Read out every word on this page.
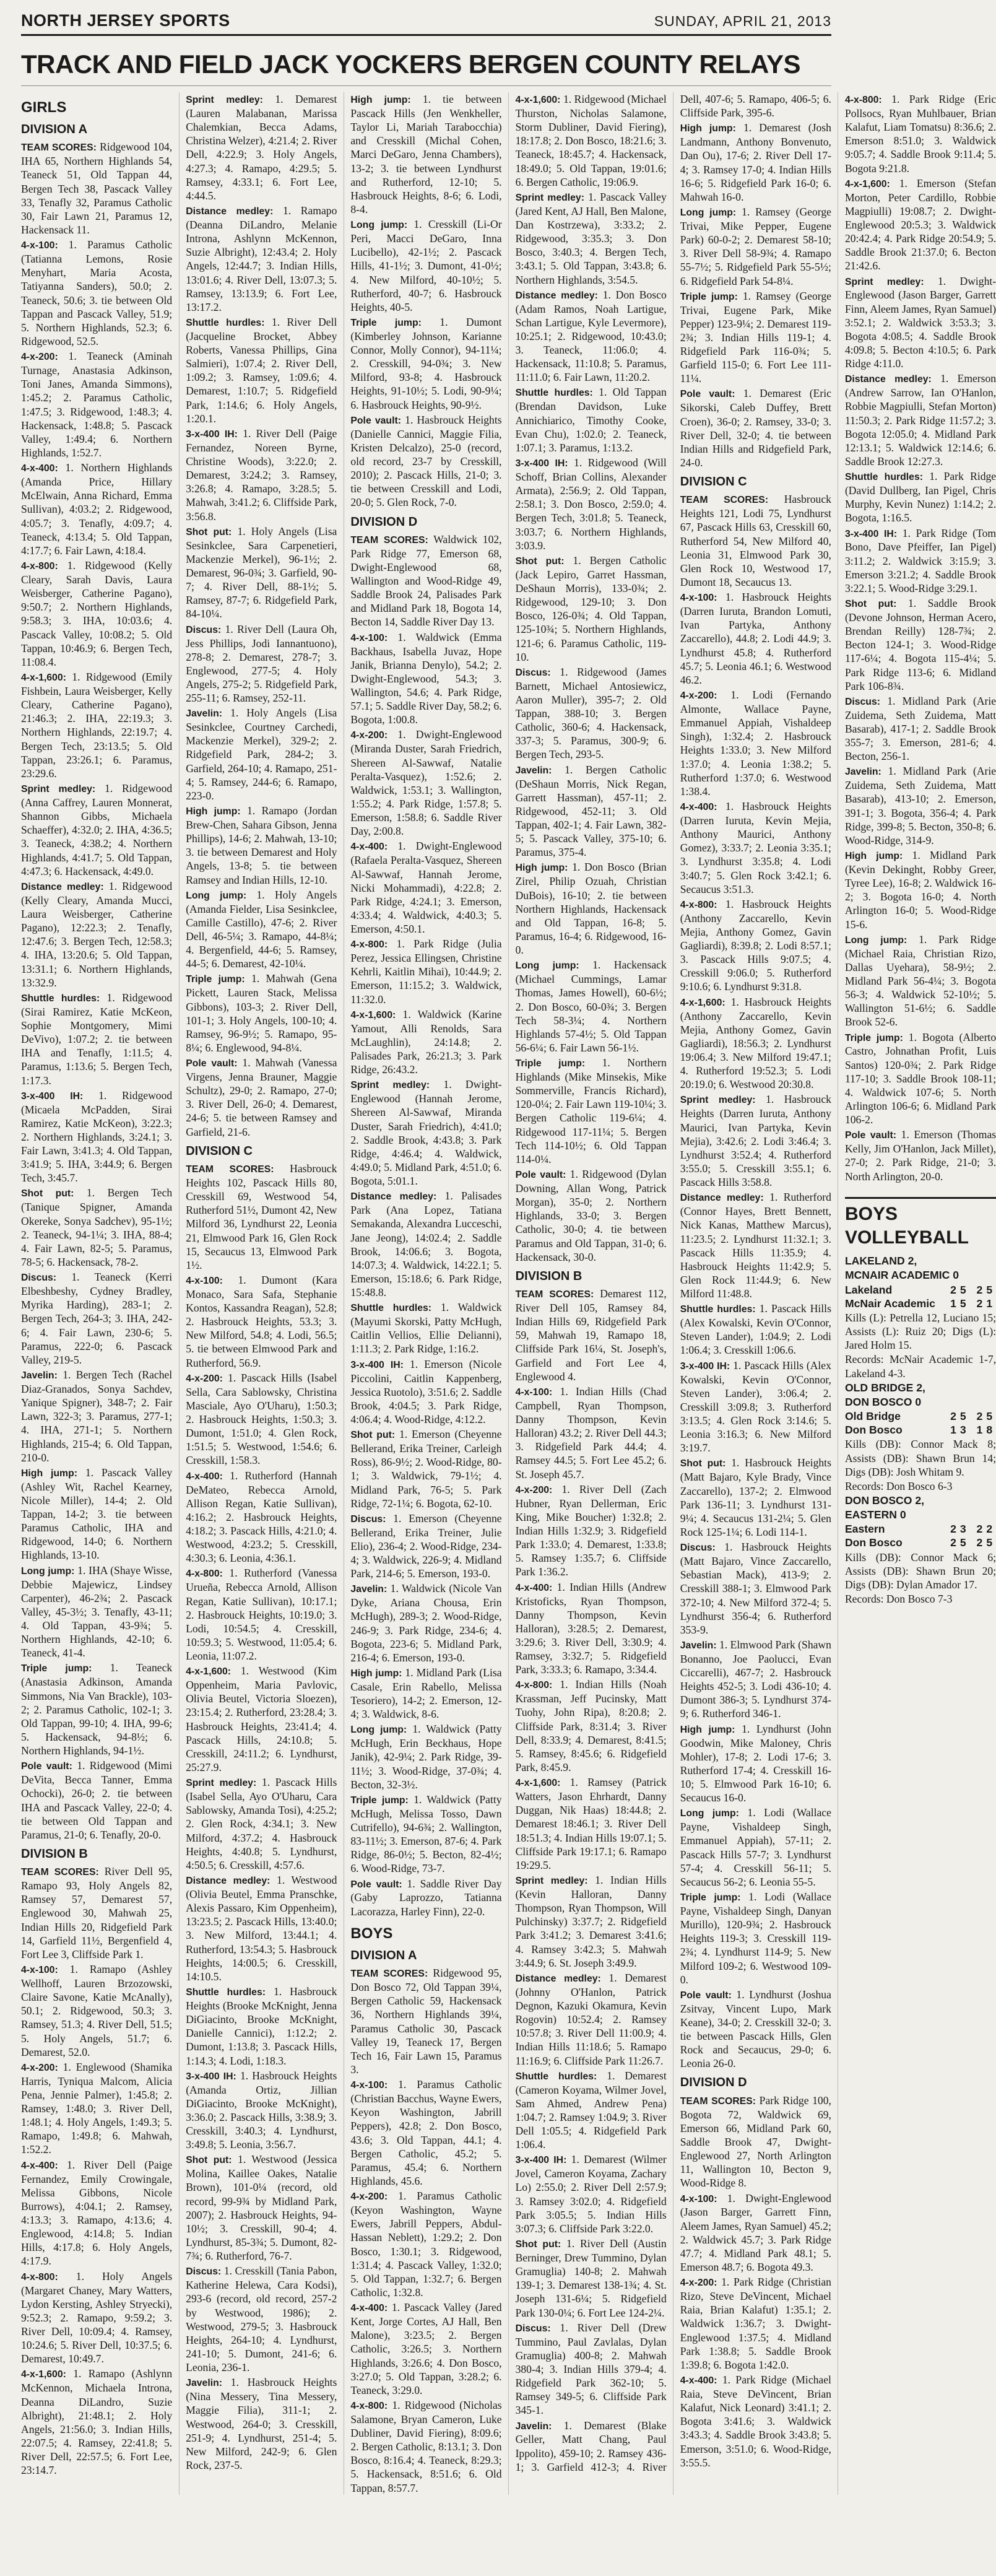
NORTH JERSEY SPORTS	SUNDAY, APRIL 21, 2013
TRACK AND FIELD JACK YOCKERS BERGEN COUNTY RELAYS
GIRLS
DIVISION A

TEAM SCORES: Ridgewood 104, IHA 65, Northern Highlands 54, Teaneck 51, Old Tappan 44, Bergen Tech 38, Pascack Valley 33, Tenafly 32, Paramus Catholic 30, Fair Lawn 21, Paramus 12, Hackensack 11.

4-x-100: 1. Paramus Catholic (Tatianna Lemons, Rosie Menyhart, Maria Acosta, Tatiyanna Sanders), 50.0; 2. Teaneck, 50.6; 3. tie between Old Tappan and Pascack Valley, 51.9; 5. Northern Highlands, 52.3; 6. Ridgewood, 52.5.

4-x-200: 1. Teaneck (Aminah Turnage, Anastasia Adkinson, Toni Janes, Amanda Simmons), 1:45.2; 2. Paramus Catholic, 1:47.5; 3. Ridgewood, 1:48.3; 4. Hackensack, 1:48.8; 5. Pascack Valley, 1:49.4; 6. Northern Highlands, 1:52.7.

4-x-400: 1. Northern Highlands (Amanda Price, Hillary McElwain, Anna Richard, Emma Sullivan), 4:03.2; 2. Ridgewood, 4:05.7; 3. Tenafly, 4:09.7; 4. Teaneck, 4:13.4; 5. Old Tappan, 4:17.7; 6. Fair Lawn, 4:18.4.

4-x-800: 1. Ridgewood (Kelly Cleary, Sarah Davis, Laura Weisberger, Catherine Pagano), 9:50.7; 2. Northern Highlands, 9:58.3; 3. IHA, 10:03.6; 4. Pascack Valley, 10:08.2; 5. Old Tappan, 10:46.9; 6. Bergen Tech, 11:08.4.

4-x-1,600: 1. Ridgewood (Emily Fishbein, Laura Weisberger, Kelly Cleary, Catherine Pagano), 21:46.3; 2. IHA, 22:19.3; 3. Northern Highlands, 22:19.7; 4. Bergen Tech, 23:13.5; 5. Old Tappan, 23:26.1; 6. Paramus, 23:29.6.

Sprint medley: 1. Ridgewood (Anna Caffrey, Lauren Monnerat, Shannon Gibbs, Michaela Schaeffer), 4:32.0; 2. IHA, 4:36.5; 3. Teaneck, 4:38.2; 4. Northern Highlands, 4:41.7; 5. Old Tappan, 4:47.3; 6. Hackensack, 4:49.0.

Distance medley: 1. Ridgewood (Kelly Cleary, Amanda Mucci, Laura Weisberger, Catherine Pagano), 12:22.3; 2. Tenafly, 12:47.6; 3. Bergen Tech, 12:58.3; 4. IHA, 13:20.6; 5. Old Tappan, 13:31.1; 6. Northern Highlands, 13:32.9.

Shuttle hurdles: 1. Ridgewood (Sirai Ramirez, Katie McKeon, Sophie Montgomery, Mimi DeVivo), 1:07.2; 2. tie between IHA and Tenafly, 1:11.5; 4. Paramus, 1:13.6; 5. Bergen Tech, 1:17.3.

3-x-400 IH: 1. Ridgewood (Micaela McPadden, Sirai Ramirez, Katie McKeon), 3:22.3; 2. Northern Highlands, 3:24.1; 3. Fair Lawn, 3:41.3; 4. Old Tappan, 3:41.9; 5. IHA, 3:44.9; 6. Bergen Tech, 3:45.7.

Shot put: 1. Bergen Tech (Tanique Spigner, Amanda Okereke, Sonya Sadchev), 95-1½; 2. Teaneck, 94-1¼; 3. IHA, 88-4; 4. Fair Lawn, 82-5; 5. Paramus, 78-5; 6. Hackensack, 78-2.

Discus: 1. Teaneck (Kerri Elbeshbeshy, Cydney Bradley, Myrika Harding), 283-1; 2. Bergen Tech, 264-3; 3. IHA, 242-6; 4. Fair Lawn, 230-6; 5. Paramus, 222-0; 6. Pascack Valley, 219-5.

Javelin: 1. Bergen Tech (Rachel Diaz-Granados, Sonya Sachdev, Yanique Spigner), 348-7; 2. Fair Lawn, 322-3; 3. Paramus, 277-1; 4. IHA, 271-1; 5. Northern Highlands, 215-4; 6. Old Tappan, 210-0.

High jump: 1. Pascack Valley (Ashley Wit, Rachel Kearney, Nicole Miller), 14-4; 2. Old Tappan, 14-2; 3. tie between Paramus Catholic, IHA and Ridgewood, 14-0; 6. Northern Highlands, 13-10.

Long jump: 1. IHA (Shaye Wisse, Debbie Majewicz, Lindsey Carpenter), 46-2¾; 2. Pascack Valley, 45-3½; 3. Tenafly, 43-11; 4. Old Tappan, 43-9¾; 5. Northern Highlands, 42-10; 6. Teaneck, 41-4.

Triple jump: 1. Teaneck (Anastasia Adkinson, Amanda Simmons, Nia Van Brackle), 103-2; 2. Paramus Catholic, 102-1; 3. Old Tappan, 99-10; 4. IHA, 99-6; 5. Hackensack, 94-8½; 6. Northern Highlands, 94-1½.

Pole vault: 1. Ridgewood (Mimi DeVita, Becca Tanner, Emma Ochocki), 26-0; 2. tie between IHA and Pascack Valley, 22-0; 4. tie between Old Tappan and Paramus, 21-0; 6. Tenafly, 20-0.

DIVISION B

TEAM SCORES: River Dell 95, Ramapo 93, Holy Angels 82, Ramsey 57, Demarest 57, Englewood 30, Mahwah 25, Indian Hills 20, Ridgefield Park 14, Garfield 11½, Bergenfield 4, Fort Lee 3, Cliffside Park 1.

4-x-100: 1. Ramapo (Ashley Wellhoff, Lauren Brzozowski, Claire Savone, Katie McAnally), 50.1; 2. Ridgewood, 50.3; 3. Ramsey, 51.3; 4. River Dell, 51.5; 5. Holy Angels, 51.7; 6. Demarest, 52.0.

4-x-200: 1. Englewood (Shamika Harris, Tyniqua Malcom, Alicia Pena, Jennie Palmer), 1:45.8; 2. Ramsey, 1:48.0; 3. River Dell, 1:48.1; 4. Holy Angels, 1:49.3; 5. Ramapo, 1:49.8; 6. Mahwah, 1:52.2.

4-x-400: 1. River Dell (Paige Fernandez, Emily Crowingale, Melissa Gibbons, Nicole Burrows), 4:04.1; 2. Ramsey, 4:13.3; 3. Ramapo, 4:13.6; 4. Englewood, 4:14.8; 5. Indian Hills, 4:17.8; 6. Holy Angels, 4:17.9.

4-x-800: 1. Holy Angels (Margaret Chaney, Mary Watters, Lydon Kersting, Ashley Stryecki), 9:52.3; 2. Ramapo, 9:59.2; 3. River Dell, 10:09.4; 4. Ramsey, 10:24.6; 5. River Dell, 10:37.5; 6. Demarest, 10:49.7.

4-x-1,600: 1. Ramapo (Ashlynn McKennon, Michaela Introna, Deanna DiLandro, Suzie Albright), 21:48.1; 2. Holy Angels, 21:56.0; 3. Indian Hills, 22:07.5; 4. Ramsey, 22:41.8; 5. River Dell, 22:57.5; 6. Fort Lee, 23:14.7.

Sprint medley: 1. Demarest (Lauren Malabanan, Marissa Chalemkian, Becca Adams, Christina Welzer), 4:21.4; 2. River Dell, 4:22.9; 3. Holy Angels, 4:27.3; 4. Ramapo, 4:29.5; 5. Ramsey, 4:33.1; 6. Fort Lee, 4:44.5.

Distance medley: 1. Ramapo (Deanna DiLandro, Melanie Introna, Ashlynn McKennon, Suzie Albright), 12:43.4; 2. Holy Angels, 12:44.7; 3. Indian Hills, 13:01.6; 4. River Dell, 13:07.3; 5. Ramsey, 13:13.9; 6. Fort Lee, 13:17.2.

Shuttle hurdles: 1. River Dell (Jacqueline Brocket, Abbey Roberts, Vanessa Phillips, Gina Salmieri), 1:07.4; 2. River Dell, 1:09.2; 3. Ramsey, 1:09.6; 4. Demarest, 1:10.7; 5. Ridgefield Park, 1:14.6; 6. Holy Angels, 1:20.1.

3-x-400 IH: 1. River Dell (Paige Fernandez, Noreen Byrne, Christine Woods), 3:22.0; 2. Demarest, 3:24.2; 3. Ramsey, 3:26.8; 4. Ramapo, 3:28.5; 5. Mahwah, 3:41.2; 6. Cliffside Park, 3:56.8.

Shot put: 1. Holy Angels (Lisa Sesinkclee, Sara Carpenetieri, Mackenzie Merkel), 96-1½; 2. Demarest, 96-0¾; 3. Garfield, 90-7; 4. River Dell, 88-1½; 5. Ramsey, 87-7; 6. Ridgefield Park, 84-10¼.

Discus: 1. River Dell (Laura Oh, Jess Phillips, Jodi Iannantuono), 278-8; 2. Demarest, 278-7; 3. Englewood, 277-5; 4. Holy Angels, 275-2; 5. Ridgefield Park, 255-11; 6. Ramsey, 252-11.

Javelin: 1. Holy Angels (Lisa Sesinkclee, Courtney Carchedi, Mackenzie Merkel), 329-2; 2. Ridgefield Park, 284-2; 3. Garfield, 264-10; 4. Ramapo, 251-4; 5. Ramsey, 244-6; 6. Ramapo, 223-0.

High jump: 1. Ramapo (Jordan Brew-Chen, Sahara Gibson, Jenna Phillips), 14-6; 2. Mahwah, 13-10; 3. tie between Demarest and Holy Angels, 13-8; 5. tie between Ramsey and Indian Hills, 12-10.

Long jump: 1. Holy Angels (Amanda Fielder, Lisa Sesinkclee, Camille Castillo), 47-6; 2. River Dell, 46-5¼; 3. Ramapo, 44-8¼; 4. Bergenfield, 44-6; 5. Ramsey, 44-5; 6. Demarest, 42-10¼.

Triple jump: 1. Mahwah (Gena Pickett, Lauren Stack, Melissa Gibbons), 103-3; 2. River Dell, 101-1; 3. Holy Angels, 100-10; 4. Ramsey, 96-9½; 5. Ramapo, 95-8¼; 6. Englewood, 94-8¼.

Pole vault: 1. Mahwah (Vanessa Virgens, Jenna Brauner, Maggie Schultz), 29-0; 2. Ramapo, 27-0; 3. River Dell, 26-0; 4. Demarest, 24-6; 5. tie between Ramsey and Garfield, 21-6.

DIVISION C

TEAM SCORES: Hasbrouck Heights 102, Pascack Hills 80, Cresskill 69, Westwood 54, Rutherford 51½, Dumont 42, New Milford 36, Lyndhurst 22, Leonia 21, Elmwood Park 16, Glen Rock 15, Secaucus 13, Elmwood Park 1½.

4-x-100: 1. Dumont (Kara Monaco, Sara Safa, Stephanie Kontos, Kassandra Reagan), 52.8; 2. Hasbrouck Heights, 53.3; 3. New Milford, 54.8; 4. Lodi, 56.5; 5. tie between Elmwood Park and Rutherford, 56.9.

4-x-200: 1. Pascack Hills (Isabel Sella, Cara Sablowsky, Christina Masciale, Ayo O'Uharu), 1:50.3; 2. Hasbrouck Heights, 1:50.3; 3. Dumont, 1:51.0; 4. Glen Rock, 1:51.5; 5. Westwood, 1:54.6; 6. Cresskill, 1:58.3.

4-x-400: 1. Rutherford (Hannah DeMateo, Rebecca Arnold, Allison Regan, Katie Sullivan), 4:16.2; 2. Hasbrouck Heights, 4:18.2; 3. Pascack Hills, 4:21.0; 4. Westwood, 4:23.2; 5. Cresskill, 4:30.3; 6. Leonia, 4:36.1.

4-x-800: 1. Rutherford (Vanessa Urueña, Rebecca Arnold, Allison Regan, Katie Sullivan), 10:17.1; 2. Hasbrouck Heights, 10:19.0; 3. Lodi, 10:54.5; 4. Cresskill, 10:59.3; 5. Westwood, 11:05.4; 6. Leonia, 11:07.2.

4-x-1,600: 1. Westwood (Kim Oppenheim, Maria Pavlovic, Olivia Beutel, Victoria Sloezen), 23:15.4; 2. Rutherford, 23:28.4; 3. Hasbrouck Heights, 23:41.4; 4. Pascack Hills, 24:10.8; 5. Cresskill, 24:11.2; 6. Lyndhurst, 25:27.9.

Sprint medley: 1. Pascack Hills (Isabel Sella, Ayo O'Uharu, Cara Sablowsky, Amanda Tosi), 4:25.2; 2. Glen Rock, 4:34.1; 3. New Milford, 4:37.2; 4. Hasbrouck Heights, 4:40.8; 5. Lyndhurst, 4:50.5; 6. Cresskill, 4:57.6.

Distance medley: 1. Westwood (Olivia Beutel, Emma Pranschke, Alexis Passaro, Kim Oppenheim), 13:23.5; 2. Pascack Hills, 13:40.0; 3. New Milford, 13:44.1; 4. Rutherford, 13:54.3; 5. Hasbrouck Heights, 14:00.5; 6. Cresskill, 14:10.5.

Shuttle hurdles: 1. Hasbrouck Heights (Brooke McKnight, Jenna DiGiacinto, Brooke McKnight, Danielle Cannici), 1:12.2; 2. Dumont, 1:13.8; 3. Pascack Hills, 1:14.3; 4. Lodi, 1:18.3.

3-x-400 IH: 1. Hasbrouck Heights (Amanda Ortiz, Jillian DiGiacinto, Brooke McKnight), 3:36.0; 2. Pascack Hills, 3:38.9; 3. Cresskill, 3:40.3; 4. Lyndhurst, 3:49.8; 5. Leonia, 3:56.7.

Shot put: 1. Westwood (Jessica Molina, Kaillee Oakes, Natalie Brown), 101-0¼ (record, old record, 99-9¾ by Midland Park, 2007); 2. Hasbrouck Heights, 94-10½; 3. Cresskill, 90-4; 4. Lyndhurst, 85-3¾; 5. Dumont, 82-7¾; 6. Rutherford, 76-7.

Discus: 1. Cresskill (Tania Pabon, Katherine Helewa, Cara Kodsi), 293-6 (record, old record, 257-2 by Westwood, 1986); 2. Westwood, 279-5; 3. Hasbrouck Heights, 264-10; 4. Lyndhurst, 241-10; 5. Dumont, 241-6; 6. Leonia, 236-1.

Javelin: 1. Hasbrouck Heights (Nina Messery, Tina Messery, Maggie Filia), 311-1; 2. Westwood, 264-0; 3. Cresskill, 251-9; 4. Lyndhurst, 251-4; 5. New Milford, 242-9; 6. Glen Rock, 237-5.

High jump: 1. tie between Pascack Hills (Jen Wenkheller, Taylor Li, Mariah Tarabocchia) and Cresskill (Michal Cohen, Marci DeGaro, Jenna Chambers), 13-2; 3. tie between Lyndhurst and Rutherford, 12-10; 5. Hasbrouck Heights, 8-6; 6. Lodi, 8-4.

Long jump: 1. Cresskill (Li-Or Peri, Macci DeGaro, Inna Lucibello), 42-1½; 2. Pascack Hills, 41-1½; 3. Dumont, 41-0½; 4. New Milford, 40-10½; 5. Rutherford, 40-7; 6. Hasbrouck Heights, 40-5.

Triple jump: 1. Dumont (Kimberley Johnson, Karianne Connor, Molly Connor), 94-11¼; 2. Cresskill, 94-0¾; 3. New Milford, 93-8; 4. Hasbrouck Heights, 91-10½; 5. Lodi, 90-9¼; 6. Hasbrouck Heights, 90-9½.

Pole vault: 1. Hasbrouck Heights (Danielle Cannici, Maggie Filia, Kristen Delcalzo), 25-0 (record, old record, 23-7 by Cresskill, 2010); 2. Pascack Hills, 21-0; 3. tie between Cresskill and Lodi, 20-0; 5. Glen Rock, 7-0.

DIVISION D

TEAM SCORES: Waldwick 102, Park Ridge 77, Emerson 68, Dwight-Englewood 68, Wallington and Wood-Ridge 49, Saddle Brook 24, Palisades Park and Midland Park 18, Bogota 14, Becton 14, Saddle River Day 13.

4-x-100: 1. Waldwick (Emma Backhaus, Isabella Juvaz, Hope Janik, Brianna Denylo), 54.2; 2. Dwight-Englewood, 54.3; 3. Wallington, 54.6; 4. Park Ridge, 57.1; 5. Saddle River Day, 58.2; 6. Bogota, 1:00.8.

4-x-200: 1. Dwight-Englewood (Miranda Duster, Sarah Friedrich, Shereen Al-Sawwaf, Natalie Peralta-Vasquez), 1:52.6; 2. Waldwick, 1:53.1; 3. Wallington, 1:55.2; 4. Park Ridge, 1:57.8; 5. Emerson, 1:58.8; 6. Saddle River Day, 2:00.8.

4-x-400: 1. Dwight-Englewood (Rafaela Peralta-Vasquez, Shereen Al-Sawwaf, Hannah Jerome, Nicki Mohammadi), 4:22.8; 2. Park Ridge, 4:24.1; 3. Emerson, 4:33.4; 4. Waldwick, 4:40.3; 5. Emerson, 4:50.1.

4-x-800: 1. Park Ridge (Julia Perez, Jessica Ellingsen, Christine Kehrli, Kaitlin Mihai), 10:44.9; 2. Emerson, 11:15.2; 3. Waldwick, 11:32.0.

4-x-1,600: 1. Waldwick (Karine Yamout, Alli Renolds, Sara McLaughlin), 24:14.8; 2. Palisades Park, 26:21.3; 3. Park Ridge, 26:43.2.

Sprint medley: 1. Dwight-Englewood (Hannah Jerome, Shereen Al-Sawwaf, Miranda Duster, Sarah Friedrich), 4:41.0; 2. Saddle Brook, 4:43.8; 3. Park Ridge, 4:46.4; 4. Waldwick, 4:49.0; 5. Midland Park, 4:51.0; 6. Bogota, 5:01.1.

Distance medley: 1. Palisades Park (Ana Lopez, Tatiana Semakanda, Alexandra Lucceschi, Jane Jeong), 14:02.4; 2. Saddle Brook, 14:06.6; 3. Bogota, 14:07.3; 4. Waldwick, 14:22.1; 5. Emerson, 15:18.6; 6. Park Ridge, 15:48.8.

Shuttle hurdles: 1. Waldwick (Mayumi Skorski, Patty McHugh, Caitlin Vellios, Ellie Delianni), 1:11.3; 2. Park Ridge, 1:16.2.

3-x-400 IH: 1. Emerson (Nicole Piccolini, Caitlin Kappenberg, Jessica Ruotolo), 3:51.6; 2. Saddle Brook, 4:04.5; 3. Park Ridge, 4:06.4; 4. Wood-Ridge, 4:12.2.

Shot put: 1. Emerson (Cheyenne Bellerand, Erika Treiner, Carleigh Ross), 86-9½; 2. Wood-Ridge, 80-1; 3. Waldwick, 79-1½; 4. Midland Park, 76-5; 5. Park Ridge, 72-1¼; 6. Bogota, 62-10.

Discus: 1. Emerson (Cheyenne Bellerand, Erika Treiner, Julie Elio), 236-4; 2. Wood-Ridge, 234-4; 3. Waldwick, 226-9; 4. Midland Park, 214-6; 5. Emerson, 193-0.

Javelin: 1. Waldwick (Nicole Van Dyke, Ariana Chousa, Erin McHugh), 289-3; 2. Wood-Ridge, 246-9; 3. Park Ridge, 234-6; 4. Bogota, 223-6; 5. Midland Park, 216-4; 6. Emerson, 193-0.

High jump: 1. Midland Park (Lisa Casale, Erin Rabello, Melissa Tesoriero), 14-2; 2. Emerson, 12-4; 3. Waldwick, 8-6.

Long jump: 1. Waldwick (Patty McHugh, Erin Beckhaus, Hope Janik), 42-9¼; 2. Park Ridge, 39-11½; 3. Wood-Ridge, 37-0¾; 4. Becton, 32-3½.

Triple jump: 1. Waldwick (Patty McHugh, Melissa Tosso, Dawn Cutrifello), 94-6¾; 2. Wallington, 83-11½; 3. Emerson, 87-6; 4. Park Ridge, 86-0½; 5. Becton, 82-4½; 6. Wood-Ridge, 73-7.

Pole vault: 1. Saddle River Day (Gaby Laprozzo, Tatianna Lacorazza, Harley Finn), 22-0.

BOYS
DIVISION A

TEAM SCORES: Ridgewood 95, Don Bosco 72, Old Tappan 39¼, Bergen Catholic 59, Hackensack 36, Northern Highlands 39¼, Paramus Catholic 30, Pascack Valley 19, Teaneck 17, Bergen Tech 16, Fair Lawn 15, Paramus 3.

4-x-100: 1. Paramus Catholic (Christian Bacchus, Wayne Ewers, Keyon Washington, Jabrill Peppers), 42.8; 2. Don Bosco, 43.6; 3. Old Tappan, 44.1; 4. Bergen Catholic, 45.2; 5. Paramus, 45.4; 6. Northern Highlands, 45.6.

4-x-200: 1. Paramus Catholic (Keyon Washington, Wayne Ewers, Jabrill Peppers, Abdul-Hassan Neblett), 1:29.2; 2. Don Bosco, 1:30.1; 3. Ridgewood, 1:31.4; 4. Pascack Valley, 1:32.0; 5. Old Tappan, 1:32.7; 6. Bergen Catholic, 1:32.8.

4-x-400: 1. Pascack Valley (Jared Kent, Jorge Cortes, AJ Hall, Ben Malone), 3:23.5; 2. Bergen Catholic, 3:26.5; 3. Northern Highlands, 3:26.6; 4. Don Bosco, 3:27.0; 5. Old Tappan, 3:28.2; 6. Teaneck, 3:29.0.

4-x-800: 1. Ridgewood (Nicholas Salamone, Bryan Cameron, Luke Dubliner, David Fiering), 8:09.6; 2. Bergen Catholic, 8:13.1; 3. Don Bosco, 8:16.4; 4. Teaneck, 8:29.3; 5. Hackensack, 8:51.6; 6. Old Tappan, 8:57.7.

4-x-1,600: 1. Ridgewood (Michael Thurston, Nicholas Salamone, Storm Dubliner, David Fiering), 18:17.8; 2. Don Bosco, 18:21.6; 3. Teaneck, 18:45.7; 4. Hackensack, 18:49.0; 5. Old Tappan, 19:01.6; 6. Bergen Catholic, 19:06.9.

Sprint medley: 1. Pascack Valley (Jared Kent, AJ Hall, Ben Malone, Dan Kostrzewa), 3:33.2; 2. Ridgewood, 3:35.3; 3. Don Bosco, 3:40.3; 4. Bergen Tech, 3:43.1; 5. Old Tappan, 3:43.8; 6. Northern Highlands, 3:54.5.

Distance medley: 1. Don Bosco (Adam Ramos, Noah Lartigue, Schan Lartigue, Kyle Levermore), 10:25.1; 2. Ridgewood, 10:43.0; 3. Teaneck, 11:06.0; 4. Hackensack, 11:10.8; 5. Paramus, 11:11.0; 6. Fair Lawn, 11:20.2.

Shuttle hurdles: 1. Old Tappan (Brendan Davidson, Luke Annichiarico, Timothy Cooke, Evan Chu), 1:02.0; 2. Teaneck, 1:07.1; 3. Paramus, 1:13.2.

3-x-400 IH: 1. Ridgewood (Will Schoff, Brian Collins, Alexander Armata), 2:56.9; 2. Old Tappan, 2:58.1; 3. Don Bosco, 2:59.0; 4. Bergen Tech, 3:01.8; 5. Teaneck, 3:03.7; 6. Northern Highlands, 3:03.9.

Shot put: 1. Bergen Catholic (Jack Lepiro, Garret Hassman, DeShaun Morris), 133-0¾; 2. Ridgewood, 129-10; 3. Don Bosco, 126-0¾; 4. Old Tappan, 125-10¾; 5. Northern Highlands, 121-6; 6. Paramus Catholic, 119-10.

Discus: 1. Ridgewood (James Barnett, Michael Antosiewicz, Aaron Muller), 395-7; 2. Old Tappan, 388-10; 3. Bergen Catholic, 360-6; 4. Hackensack, 337-3; 5. Paramus, 300-9; 6. Bergen Tech, 293-5.

Javelin: 1. Bergen Catholic (DeShaun Morris, Nick Regan, Garrett Hassman), 457-11; 2. Ridgewood, 452-11; 3. Old Tappan, 402-1; 4. Fair Lawn, 382-5; 5. Pascack Valley, 375-10; 6. Paramus, 375-4.

High jump: 1. Don Bosco (Brian Zirel, Philip Ozuah, Christian DuBois), 16-10; 2. tie between Northern Highlands, Hackensack and Old Tappan, 16-8; 5. Paramus, 16-4; 6. Ridgewood, 16-0.

Long jump: 1. Hackensack (Michael Cummings, Lamar Thomas, James Howell), 60-6½; 2. Don Bosco, 60-0¾; 3. Bergen Tech 58-3¼; 4. Northern Highlands 57-4½; 5. Old Tappan 56-6¼; 6. Fair Lawn 56-1½.

Triple jump: 1. Northern Highlands (Mike Minsekis, Mike Sommerville, Francis Richard), 120-0¼; 2. Fair Lawn 119-10¼; 3. Bergen Catholic 119-6¼; 4. Ridgewood 117-11¼; 5. Bergen Tech 114-10½; 6. Old Tappan 114-0¼.

Pole vault: 1. Ridgewood (Dylan Downing, Allan Wong, Patrick Morgan), 35-0; 2. Northern Highlands, 33-0; 3. Bergen Catholic, 30-0; 4. tie between Paramus and Old Tappan, 31-0; 6. Hackensack, 30-0.

DIVISION B

TEAM SCORES: Demarest 112, River Dell 105, Ramsey 84, Indian Hills 69, Ridgefield Park 59, Mahwah 19, Ramapo 18, Cliffside Park 16¼, St. Joseph's, Garfield and Fort Lee 4, Englewood 4.

4-x-100: 1. Indian Hills (Chad Campbell, Ryan Thompson, Danny Thompson, Kevin Halloran) 43.2; 2. River Dell 44.3; 3. Ridgefield Park 44.4; 4. Ramsey 44.5; 5. Fort Lee 45.2; 6. St. Joseph 45.7.

4-x-200: 1. River Dell (Zach Hubner, Ryan Dellerman, Eric King, Mike Boucher) 1:32.8; 2. Indian Hills 1:32.9; 3. Ridgefield Park 1:33.0; 4. Demarest, 1:33.8; 5. Ramsey 1:35.7; 6. Cliffside Park 1:36.2.

4-x-400: 1. Indian Hills (Andrew Kristoficks, Ryan Thompson, Danny Thompson, Kevin Halloran), 3:28.5; 2. Demarest, 3:29.6; 3. River Dell, 3:30.9; 4. Ramsey, 3:32.7; 5. Ridgefield Park, 3:33.3; 6. Ramapo, 3:34.4.

4-x-800: 1. Indian Hills (Noah Krassman, Jeff Pucinsky, Matt Tuohy, John Ripa), 8:20.8; 2. Cliffside Park, 8:31.4; 3. River Dell, 8:33.9; 4. Demarest, 8:41.5; 5. Ramsey, 8:45.6; 6. Ridgefield Park, 8:45.9.

4-x-1,600: 1. Ramsey (Patrick Watters, Jason Ehrhardt, Danny Duggan, Nik Haas) 18:44.8; 2. Demarest 18:46.1; 3. River Dell 18:51.3; 4. Indian Hills 19:07.1; 5. Cliffside Park 19:17.1; 6. Ramapo 19:29.5.

Sprint medley: 1. Indian Hills (Kevin Halloran, Danny Thompson, Ryan Thompson, Will Pulchinsky) 3:37.7; 2. Ridgefield Park 3:41.2; 3. Demarest 3:41.6; 4. Ramsey 3:42.3; 5. Mahwah 3:44.9; 6. St. Joseph 3:49.9.

Distance medley: 1. Demarest (Johnny O'Hanlon, Patrick Degnon, Kazuki Okamura, Kevin Rogovin) 10:52.4; 2. Ramsey 10:57.8; 3. River Dell 11:00.9; 4. Indian Hills 11:18.6; 5. Ramapo 11:16.9; 6. Cliffside Park 11:26.7.

Shuttle hurdles: 1. Demarest (Cameron Koyama, Wilmer Jovel, Sam Ahmed, Andrew Pena) 1:04.7; 2. Ramsey 1:04.9; 3. River Dell 1:05.5; 4. Ridgefield Park 1:06.4.

3-x-400 IH: 1. Demarest (Wilmer Jovel, Cameron Koyama, Zachary Lo) 2:55.0; 2. River Dell 2:57.9; 3. Ramsey 3:02.0; 4. Ridgefield Park 3:05.5; 5. Indian Hills 3:07.3; 6. Cliffside Park 3:22.0.

Shot put: 1. River Dell (Austin Berninger, Drew Tummino, Dylan Gramuglia) 140-8; 2. Mahwah 139-1; 3. Demarest 138-1¾; 4. St. Joseph 131-6¼; 5. Ridgefield Park 130-0¼; 6. Fort Lee 124-2¼.

Discus: 1. River Dell (Drew Tummino, Paul Zavlalas, Dylan Gramuglia) 400-8; 2. Mahwah 380-4; 3. Indian Hills 379-4; 4. Ridgefield Park 362-10; 5. Ramsey 349-5; 6. Cliffside Park 345-1.

Javelin: 1. Demarest (Blake Geller, Matt Chang, Paul Ippolito), 459-10; 2. Ramsey 436-1; 3. Garfield 412-3; 4. River Dell, 407-6; 5. Ramapo, 406-5; 6. Cliffside Park, 395-6.

High jump: 1. Demarest (Josh Landmann, Anthony Bonvenuto, Dan Ou), 17-6; 2. River Dell 17-4; 3. Ramsey 17-0; 4. Indian Hills 16-6; 5. Ridgefield Park 16-0; 6. Mahwah 16-0.

Long jump: 1. Ramsey (George Trivai, Mike Pepper, Eugene Park) 60-0-2; 2. Demarest 58-10; 3. River Dell 58-9¾; 4. Ramapo 55-7½; 5. Ridgefield Park 55-5½; 6. Ridgefield Park 54-8¼.

Triple jump: 1. Ramsey (George Trivai, Eugene Park, Mike Pepper) 123-9¼; 2. Demarest 119-2¾; 3. Indian Hills 119-1; 4. Ridgefield Park 116-0¾; 5. Garfield 115-0; 6. Fort Lee 111-11¼.

Pole vault: 1. Demarest (Eric Sikorski, Caleb Duffey, Brett Croen), 36-0; 2. Ramsey, 33-0; 3. River Dell, 32-0; 4. tie between Indian Hills and Ridgefield Park, 24-0.

DIVISION C

TEAM SCORES: Hasbrouck Heights 121, Lodi 75, Lyndhurst 67, Pascack Hills 63, Cresskill 60, Rutherford 54, New Milford 40, Leonia 31, Elmwood Park 30, Glen Rock 10, Westwood 17, Dumont 18, Secaucus 13.

4-x-100: 1. Hasbrouck Heights (Darren Iuruta, Brandon Lomuti, Ivan Partyka, Anthony Zaccarello), 44.8; 2. Lodi 44.9; 3. Lyndhurst 45.8; 4. Rutherford 45.7; 5. Leonia 46.1; 6. Westwood 46.2.

4-x-200: 1. Lodi (Fernando Almonte, Wallace Payne, Emmanuel Appiah, Vishaldeep Singh), 1:32.4; 2. Hasbrouck Heights 1:33.0; 3. New Milford 1:37.0; 4. Leonia 1:38.2; 5. Rutherford 1:37.0; 6. Westwood 1:38.4.

4-x-400: 1. Hasbrouck Heights (Darren Iuruta, Kevin Mejia, Anthony Maurici, Anthony Gomez), 3:33.7; 2. Leonia 3:35.1; 3. Lyndhurst 3:35.8; 4. Lodi 3:40.7; 5. Glen Rock 3:42.1; 6. Secaucus 3:51.3.

4-x-800: 1. Hasbrouck Heights (Anthony Zaccarello, Kevin Mejia, Anthony Gomez, Gavin Gagliardi), 8:39.8; 2. Lodi 8:57.1; 3. Pascack Hills 9:07.5; 4. Cresskill 9:06.0; 5. Rutherford 9:10.6; 6. Lyndhurst 9:31.8.

4-x-1,600: 1. Hasbrouck Heights (Anthony Zaccarello, Kevin Mejia, Anthony Gomez, Gavin Gagliardi), 18:56.3; 2. Lyndhurst 19:06.4; 3. New Milford 19:47.1; 4. Rutherford 19:52.3; 5. Lodi 20:19.0; 6. Westwood 20:30.8.

Sprint medley: 1. Hasbrouck Heights (Darren Iuruta, Anthony Maurici, Ivan Partyka, Kevin Mejia), 3:42.6; 2. Lodi 3:46.4; 3. Lyndhurst 3:52.4; 4. Rutherford 3:55.0; 5. Cresskill 3:55.1; 6. Pascack Hills 3:58.8.

Distance medley: 1. Rutherford (Connor Hayes, Brett Bennett, Nick Kanas, Matthew Marcus), 11:23.5; 2. Lyndhurst 11:32.1; 3. Pascack Hills 11:35.9; 4. Hasbrouck Heights 11:42.9; 5. Glen Rock 11:44.9; 6. New Milford 11:48.8.

Shuttle hurdles: 1. Pascack Hills (Alex Kowalski, Kevin O'Connor, Steven Lander), 1:04.9; 2. Lodi 1:06.4; 3. Cresskill 1:06.6.

3-x-400 IH: 1. Pascack Hills (Alex Kowalski, Kevin O'Connor, Steven Lander), 3:06.4; 2. Cresskill 3:09.8; 3. Rutherford 3:13.5; 4. Glen Rock 3:14.6; 5. Leonia 3:16.3; 6. New Milford 3:19.7.

Shot put: 1. Hasbrouck Heights (Matt Bajaro, Kyle Brady, Vince Zaccarello), 137-2; 2. Elmwood Park 136-11; 3. Lyndhurst 131-9¼; 4. Secaucus 131-2¼; 5. Glen Rock 125-1¼; 6. Lodi 114-1.

Discus: 1. Hasbrouck Heights (Matt Bajaro, Vince Zaccarello, Sebastian Mack), 413-9; 2. Cresskill 388-1; 3. Elmwood Park 372-10; 4. New Milford 372-4; 5. Lyndhurst 356-4; 6. Rutherford 353-9.

Javelin: 1. Elmwood Park (Shawn Bonanno, Joe Paolucci, Evan Ciccarelli), 467-7; 2. Hasbrouck Heights 452-5; 3. Lodi 436-10; 4. Dumont 386-3; 5. Lyndhurst 374-9; 6. Rutherford 346-1.

High jump: 1. Lyndhurst (John Goodwin, Mike Maloney, Chris Mohler), 17-8; 2. Lodi 17-6; 3. Rutherford 17-4; 4. Cresskill 16-10; 5. Elmwood Park 16-10; 6. Secaucus 16-0.

Long jump: 1. Lodi (Wallace Payne, Vishaldeep Singh, Emmanuel Appiah), 57-11; 2. Pascack Hills 57-7; 3. Lyndhurst 57-4; 4. Cresskill 56-11; 5. Secaucus 56-2; 6. Leonia 55-5.

Triple jump: 1. Lodi (Wallace Payne, Vishaldeep Singh, Danyan Murillo), 120-9¾; 2. Hasbrouck Heights 119-3; 3. Cresskill 119-2¾; 4. Lyndhurst 114-9; 5. New Milford 109-2; 6. Westwood 109-0.

Pole vault: 1. Lyndhurst (Joshua Zsitvay, Vincent Lupo, Mark Keane), 34-0; 2. Cresskill 32-0; 3. tie between Pascack Hills, Glen Rock and Secaucus, 29-0; 6. Leonia 26-0.

DIVISION D

TEAM SCORES: Park Ridge 100, Bogota 72, Waldwick 69, Emerson 66, Midland Park 60, Saddle Brook 47, Dwight-Englewood 27, North Arlington 11, Wallington 10, Becton 9, Wood-Ridge 8.

4-x-100: 1. Dwight-Englewood (Jason Barger, Garrett Finn, Aleem James, Ryan Samuel) 45.2; 2. Waldwick 45.7; 3. Park Ridge 47.7; 4. Midland Park 48.1; 5. Emerson 48.7; 6. Bogota 49.3.

4-x-200: 1. Park Ridge (Christian Rizo, Steve DeVincent, Michael Raia, Brian Kalafut) 1:35.1; 2. Waldwick 1:36.7; 3. Dwight-Englewood 1:37.5; 4. Midland Park 1:38.8; 5. Saddle Brook 1:39.8; 6. Bogota 1:42.0.

4-x-400: 1. Park Ridge (Michael Raia, Steve DeVincent, Brian Kalafut, Nick Leonard) 3:41.1; 2. Bogota 3:41.6; 3. Waldwick 3:43.3; 4. Saddle Brook 3:43.8; 5. Emerson, 3:51.0; 6. Wood-Ridge, 3:55.5.

4-x-800: 1. Park Ridge (Eric Pollsocs, Ryan Muhlbauer, Brian Kalafut, Liam Tomatsu) 8:36.6; 2. Emerson 8:51.0; 3. Waldwick 9:05.7; 4. Saddle Brook 9:11.4; 5. Bogota 9:21.8.

4-x-1,600: 1. Emerson (Stefan Morton, Peter Cardillo, Robbie Magpiulli) 19:08.7; 2. Dwight-Englewood 20:5.3; 3. Waldwick 20:42.4; 4. Park Ridge 20:54.9; 5. Saddle Brook 21:37.0; 6. Becton 21:42.6.

Sprint medley: 1. Dwight-Englewood (Jason Barger, Garrett Finn, Aleem James, Ryan Samuel) 3:52.1; 2. Waldwick 3:53.3; 3. Bogota 4:08.5; 4. Saddle Brook 4:09.8; 5. Becton 4:10.5; 6. Park Ridge 4:11.0.

Distance medley: 1. Emerson (Andrew Sarrow, Ian O'Hanlon, Robbie Magpiulli, Stefan Morton) 11:50.3; 2. Park Ridge 11:57.2; 3. Bogota 12:05.0; 4. Midland Park 12:13.1; 5. Waldwick 12:14.6; 6. Saddle Brook 12:27.3.

Shuttle hurdles: 1. Park Ridge (David Dullberg, Ian Pigel, Chris Murphy, Kevin Nunez) 1:14.2; 2. Bogota, 1:16.5.

3-x-400 IH: 1. Park Ridge (Tom Bono, Dave Pfeiffer, Ian Pigel) 3:11.2; 2. Waldwick 3:15.9; 3. Emerson 3:21.2; 4. Saddle Brook 3:22.1; 5. Wood-Ridge 3:29.1.

Shot put: 1. Saddle Brook (Devone Johnson, Herman Acero, Brendan Reilly) 128-7¾; 2. Becton 124-1; 3. Wood-Ridge 117-6¼; 4. Bogota 115-4¼; 5. Park Ridge 113-6; 6. Midland Park 106-8¾.

Discus: 1. Midland Park (Arie Zuidema, Seth Zuidema, Matt Basarab), 417-1; 2. Saddle Brook 355-7; 3. Emerson, 281-6; 4. Becton, 256-1.

Javelin: 1. Midland Park (Arie Zuidema, Seth Zuidema, Matt Basarab), 413-10; 2. Emerson, 391-1; 3. Bogota, 356-4; 4. Park Ridge, 399-8; 5. Becton, 350-8; 6. Wood-Ridge, 314-9.

High jump: 1. Midland Park (Kevin Dekinght, Robby Greer, Tyree Lee), 16-8; 2. Waldwick 16-2; 3. Bogota 16-0; 4. North Arlington 16-0; 5. Wood-Ridge 15-6.

Long jump: 1. Park Ridge (Michael Raia, Christian Rizo, Dallas Uyehara), 58-9½; 2. Midland Park 56-4¼; 3. Bogota 56-3; 4. Waldwick 52-10½; 5. Wallington 51-6½; 6. Saddle Brook 52-6.

Triple jump: 1. Bogota (Alberto Castro, Johnathan Profit, Luis Santos) 120-0¾; 2. Park Ridge 117-10; 3. Saddle Brook 108-11; 4. Waldwick 107-6; 5. North Arlington 106-6; 6. Midland Park 106-2.

Pole vault: 1. Emerson (Thomas Kelly, Jim O'Hanlon, Jack Millet), 27-0; 2. Park Ridge, 21-0; 3. North Arlington, 20-0.

BOYS VOLLEYBALL
LAKELAND 2,
MCNAIR ACADEMIC 0
Lakeland	25 25
McNair Academic 15 21
Kills (L): Petrella 12, Luciano 15; Assists (L): Ruiz 20; Digs (L): Jared Holm 15.
Records: McNair Academic 1-7, Lakeland 4-3.
OLD BRIDGE 2,
DON BOSCO 0
Old Bridge	25 25
Don Bosco	13 18
Kills (DB): Connor Mack 8; Assists (DB): Shawn Brun 14; Digs (DB): Josh Whitam 9.
Records: Don Bosco 6-3
DON BOSCO 2,
EASTERN 0
Eastern	23 22
Don Bosco	25 25
Kills (DB): Connor Mack 6; Assists (DB): Shawn Brun 20; Digs (DB): Dylan Amador 17.
Records: Don Bosco 7-3
